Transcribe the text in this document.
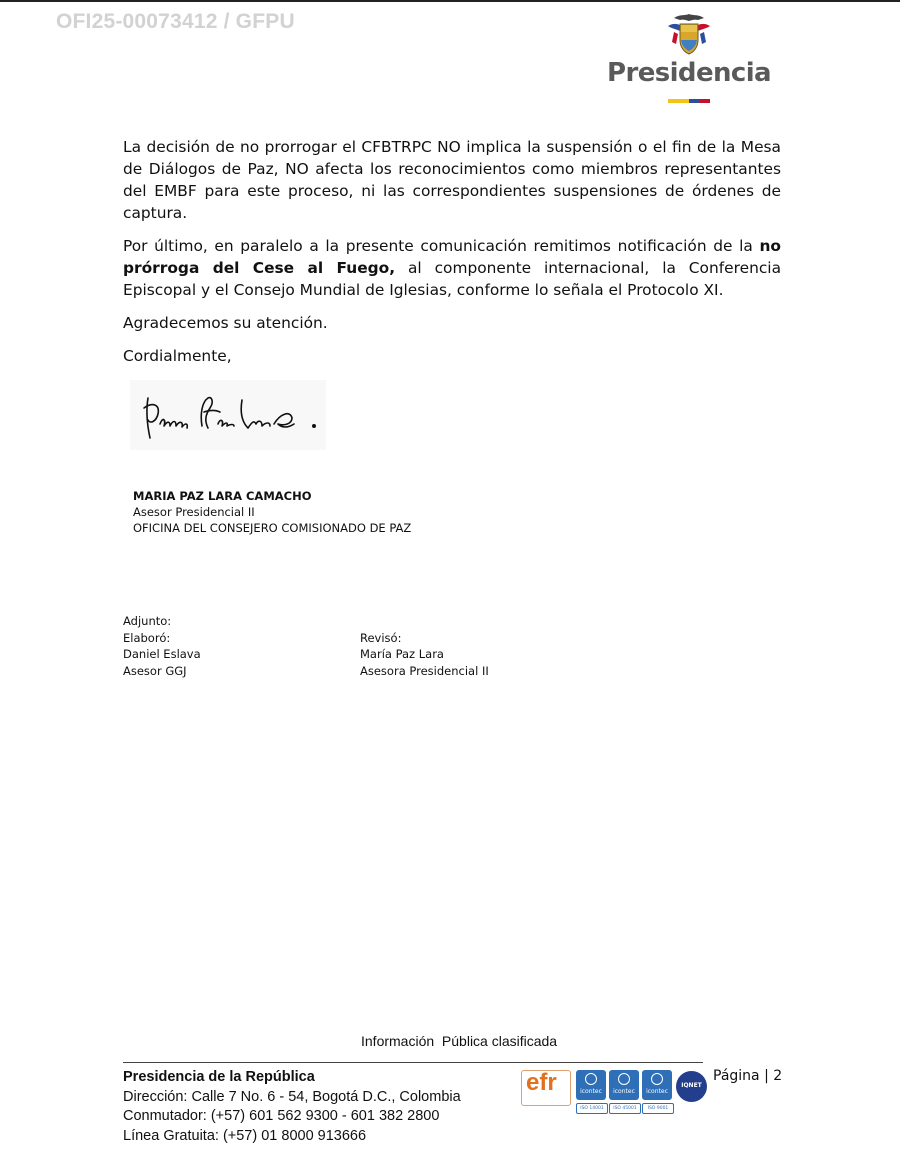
OFI25-00073412 / GFPU
Presidencia

La decisión de no prorrogar el CFBTRPC NO implica la suspensión o el fin de la Mesa de Diálogos de Paz, NO afecta los reconocimientos como miembros representantes del EMBF para este proceso, ni las correspondientes suspensiones de órdenes de captura.

Por último, en paralelo a la presente comunicación remitimos notificación de la no prórroga del Cese al Fuego, al componente internacional, la Conferencia Episcopal y el Consejo Mundial de Iglesias, conforme lo señala el Protocolo XI.

Agradecemos su atención.

Cordialmente,

MARIA PAZ LARA CAMACHO
Asesor Presidencial II
OFICINA DEL CONSEJERO COMISIONADO DE PAZ
Adjunto:
Elaboró:	Revisó:
Daniel Eslava	María Paz Lara
Asesor GGJ	Asesora Presidencial II
Información  Pública clasificada
Presidencia de la República
Dirección: Calle 7 No. 6 - 54, Bogotá D.C., Colombia
Conmutador: (+57) 601 562 9300 - 601 382 2800
Línea Gratuita: (+57) 01 8000 913666
efr	icontec	icontec	icontec
ISO 14001	ISO 45001	ISO 9001
IQNET
Página | 2
